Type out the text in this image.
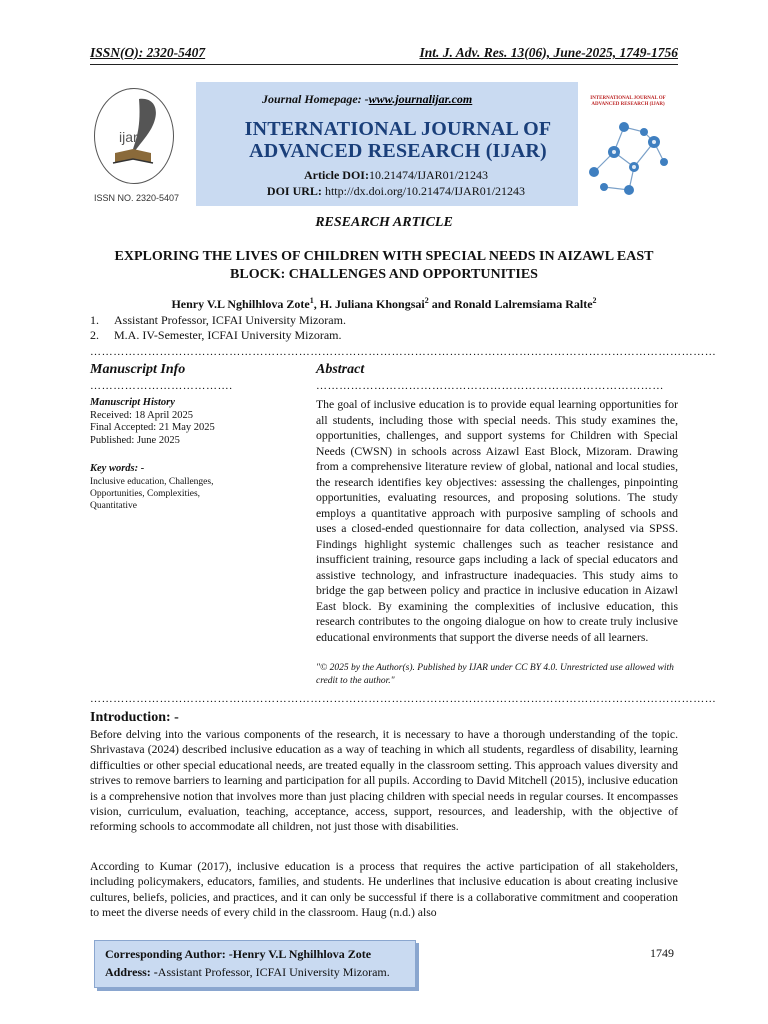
ISSN(O): 2320-5407	Int. J. Adv. Res. 13(06), June-2025, 1749-1756
ijar
ISSN NO. 2320-5407
Journal Homepage: -www.journalijar.com
INTERNATIONAL JOURNAL OF
ADVANCED RESEARCH (IJAR)
Article DOI:10.21474/IJAR01/21243
DOI URL: http://dx.doi.org/10.21474/IJAR01/21243
INTERNATIONAL JOURNAL OF ADVANCED RESEARCH (IJAR)
RESEARCH ARTICLE
EXPLORING THE LIVES OF CHILDREN WITH SPECIAL NEEDS IN AIZAWL EAST
BLOCK: CHALLENGES AND OPPORTUNITIES
Henry V.L Nghilhlova Zote$^1$, H. Juliana Khongsai$^2$ and Ronald Lalremsiama Ralte$^2$
1. Assistant Professor, ICFAI University Mizoram.
2. M.A. IV-Semester, ICFAI University Mizoram.
………………………………………………………………………………………………………………………………………………
Manuscript Info
……………………………….
Manuscript History
Received: 18 April 2025
Final Accepted: 21 May 2025
Published: June 2025
Key words: -
Inclusive education, Challenges,
Opportunities, Complexities,
Quantitative
Abstract
………………………………………………………………………………
The goal of inclusive education is to provide equal learning opportunities for all students, including those with special needs. This study examines the, opportunities, challenges, and support systems for Children with Special Needs (CWSN) in schools across Aizawl East Block, Mizoram. Drawing from a comprehensive literature review of global, national and local studies, the research identifies key objectives: assessing the challenges, pinpointing opportunities, evaluating resources, and proposing solutions. The study employs a quantitative approach with purposive sampling of schools and uses a closed-ended questionnaire for data collection, analysed via SPSS. Findings highlight systemic challenges such as teacher resistance and insufficient training, resource gaps including a lack of special educators and assistive technology, and infrastructure inadequacies. This study aims to bridge the gap between policy and practice in inclusive education in Aizawl East block. By examining the complexities of inclusive education, this research contributes to the ongoing dialogue on how to create truly inclusive educational environments that support the diverse needs of all learners.
"© 2025 by the Author(s). Published by IJAR under CC BY 4.0. Unrestricted use allowed with credit to the author."
………………………………………………………………………………………………………………………………………………
Introduction: -
Before delving into the various components of the research, it is necessary to have a thorough understanding of the topic. Shrivastava (2024) described inclusive education as a way of teaching in which all students, regardless of disability, learning difficulties or other special educational needs, are treated equally in the classroom setting. This approach values diversity and strives to remove barriers to learning and participation for all pupils. According to David Mitchell (2015), inclusive education is a comprehensive notion that involves more than just placing children with special needs in regular courses. It encompasses vision, curriculum, evaluation, teaching, acceptance, access, support, resources, and leadership, with the objective of reforming schools to accommodate all children, not just those with disabilities.
According to Kumar (2017), inclusive education is a process that requires the active participation of all stakeholders, including policymakers, educators, families, and students. He underlines that inclusive education is about creating inclusive cultures, beliefs, policies, and practices, and it can only be successful if there is a collaborative commitment and cooperation to meet the diverse needs of every child in the classroom. Haug (n.d.) also
Corresponding Author: -Henry V.L Nghilhlova Zote
Address: -Assistant Professor, ICFAI University Mizoram.
1749
